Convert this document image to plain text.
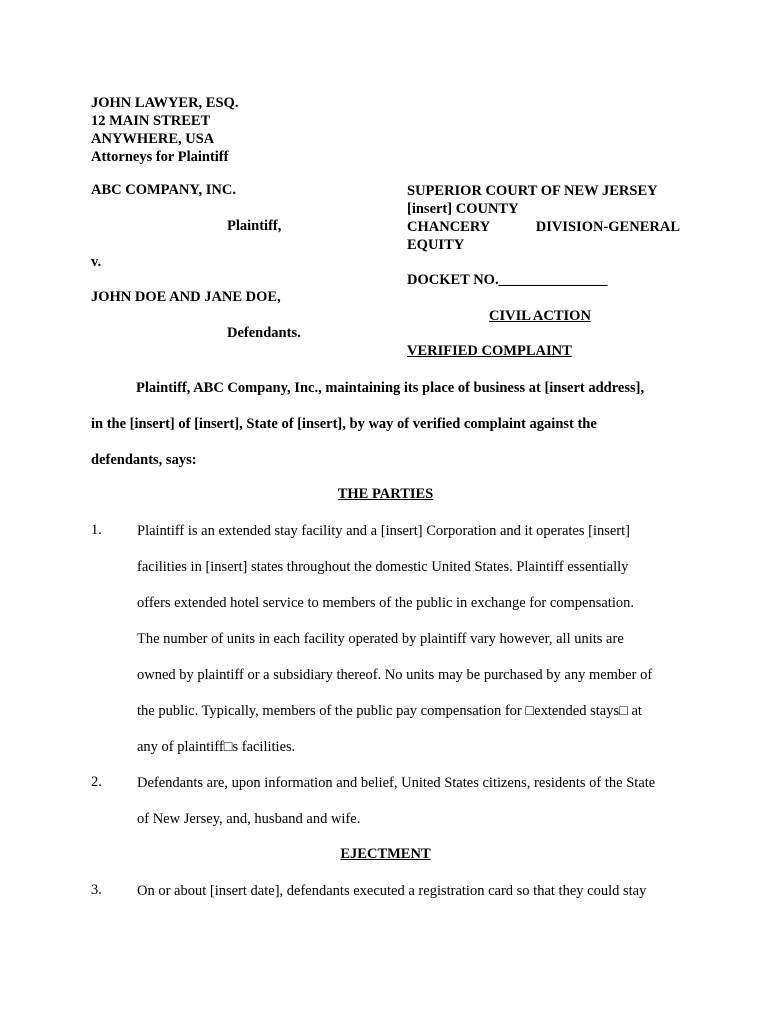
JOHN LAWYER, ESQ.
12 MAIN STREET
ANYWHERE, USA
Attorneys for Plaintiff
ABC COMPANY, INC.
Plaintiff,
v.
JOHN DOE AND JANE DOE,
Defendants.
SUPERIOR COURT OF NEW JERSEY
[insert] COUNTY
CHANCERY	DIVISION-GENERAL
EQUITY
DOCKET NO._______________
CIVIL ACTION
VERIFIED COMPLAINT
Plaintiff, ABC Company, Inc., maintaining its place of business at [insert address],
in the [insert] of [insert], State of [insert], by way of verified complaint against the
defendants, says:
THE PARTIES
1. Plaintiff is an extended stay facility and a [insert] Corporation and it operates [insert]
facilities in [insert] states throughout the domestic United States. Plaintiff essentially
offers extended hotel service to members of the public in exchange for compensation.
The number of units in each facility operated by plaintiff vary however, all units are
owned by plaintiff or a subsidiary thereof. No units may be purchased by any member of
the public. Typically, members of the public pay compensation for □extended stays□ at
any of plaintiff□s facilities.
2. Defendants are, upon information and belief, United States citizens, residents of the State
of New Jersey, and, husband and wife.
EJECTMENT
3. On or about [insert date], defendants executed a registration card so that they could stay
